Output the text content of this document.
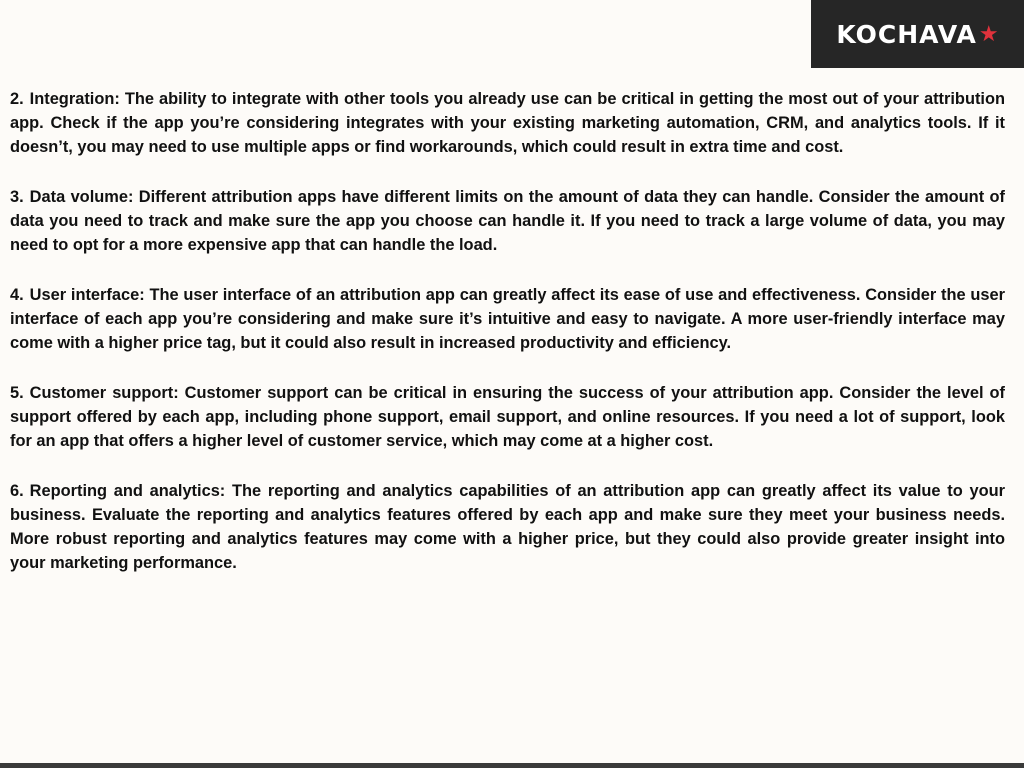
KOCHAVA ★

2. Integration: The ability to integrate with other tools you already use can be critical in getting the most out of your attribution app. Check if the app you’re considering integrates with your existing marketing automation, CRM, and analytics tools. If it doesn’t, you may need to use multiple apps or find workarounds, which could result in extra time and cost.

3. Data volume: Different attribution apps have different limits on the amount of data they can handle. Consider the amount of data you need to track and make sure the app you choose can handle it. If you need to track a large volume of data, you may need to opt for a more expensive app that can handle the load.

4. User interface: The user interface of an attribution app can greatly affect its ease of use and effectiveness. Consider the user interface of each app you’re considering and make sure it’s intuitive and easy to navigate. A more user-friendly interface may come with a higher price tag, but it could also result in increased productivity and efficiency.

5. Customer support: Customer support can be critical in ensuring the success of your attribution app. Consider the level of support offered by each app, including phone support, email support, and online resources. If you need a lot of support, look for an app that offers a higher level of customer service, which may come at a higher cost.

6. Reporting and analytics: The reporting and analytics capabilities of an attribution app can greatly affect its value to your business. Evaluate the reporting and analytics features offered by each app and make sure they meet your business needs. More robust reporting and analytics features may come with a higher price, but they could also provide greater insight into your marketing performance.
